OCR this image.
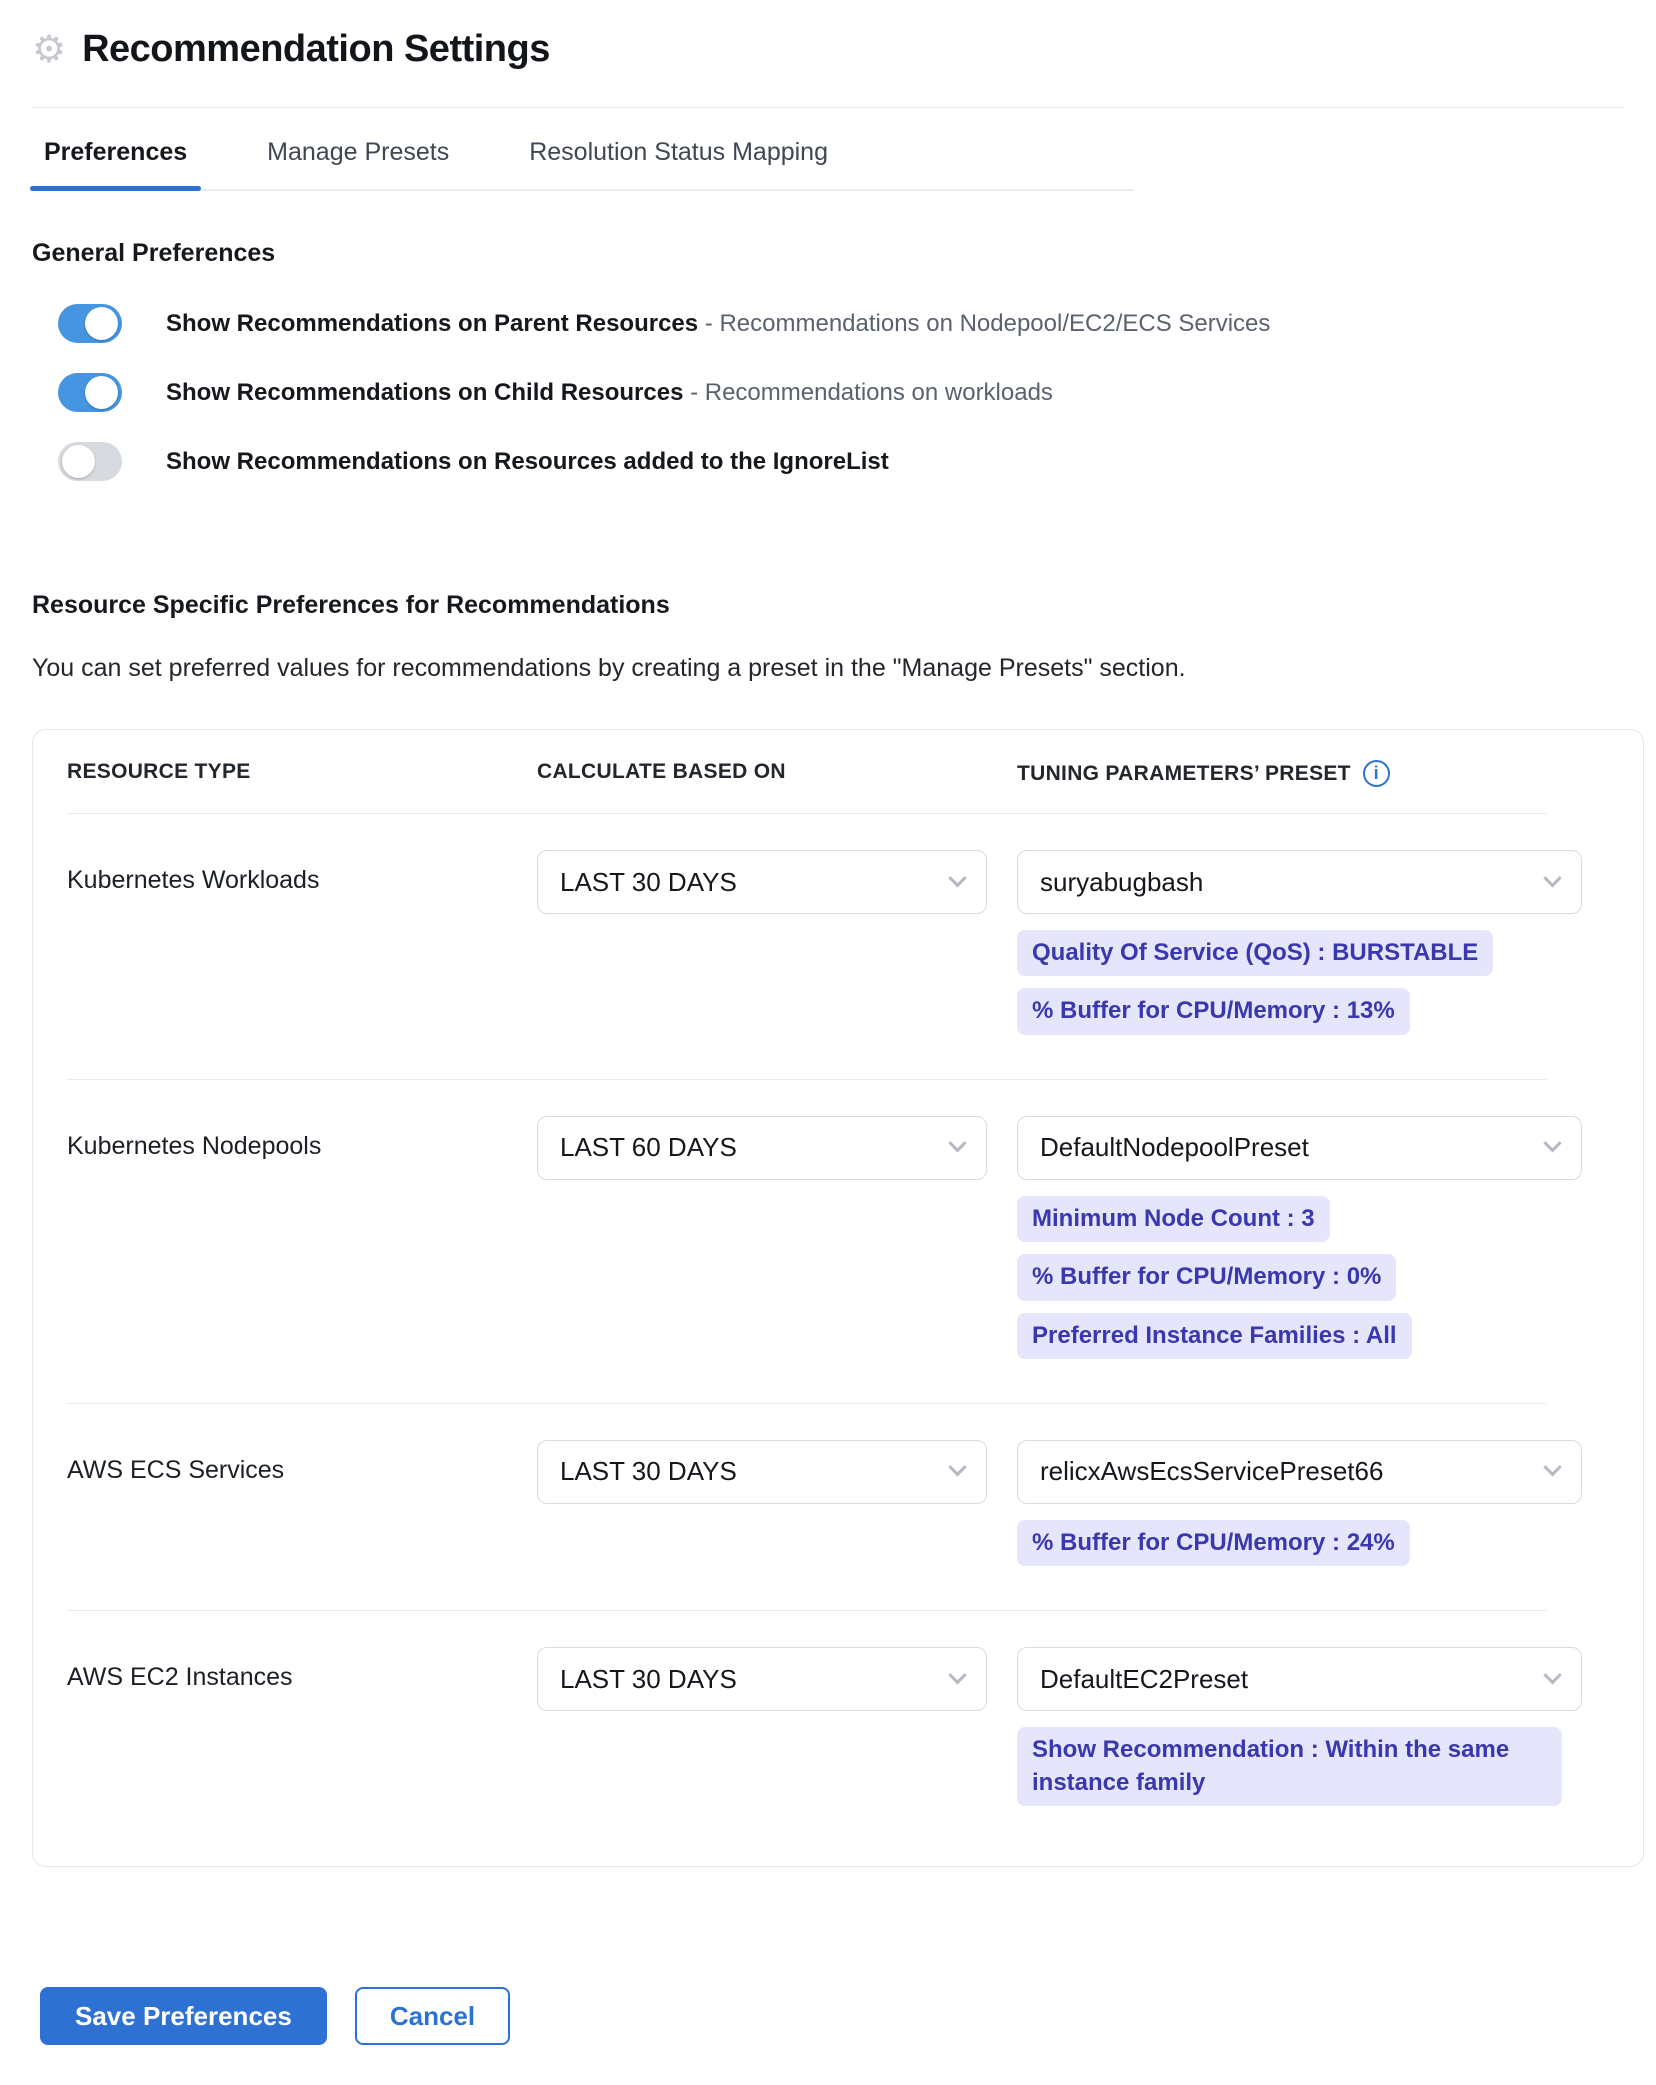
⚙ Recommendation Settings
Preferences	Manage Presets	Resolution Status Mapping
General Preferences
Show Recommendations on Parent Resources - Recommendations on Nodepool/EC2/ECS Services
Show Recommendations on Child Resources - Recommendations on workloads
Show Recommendations on Resources added to the IgnoreList
Resource Specific Preferences for Recommendations

You can set preferred values for recommendations by creating a preset in the "Manage Presets" section.

RESOURCE TYPE	CALCULATE BASED ON	TUNING PARAMETERS’ PRESET	i
Kubernetes Workloads	LAST 30 DAYS	suryabugbash
Quality Of Service (QoS) : BURSTABLE
% Buffer for CPU/Memory : 13%
Kubernetes Nodepools	LAST 60 DAYS	DefaultNodepoolPreset
Minimum Node Count : 3
% Buffer for CPU/Memory : 0%
Preferred Instance Families : All
AWS ECS Services	LAST 30 DAYS	relicxAwsEcsServicePreset66
% Buffer for CPU/Memory : 24%
AWS EC2 Instances	LAST 30 DAYS	DefaultEC2Preset
Show Recommendation : Within the same instance family
Save Preferences	Cancel
